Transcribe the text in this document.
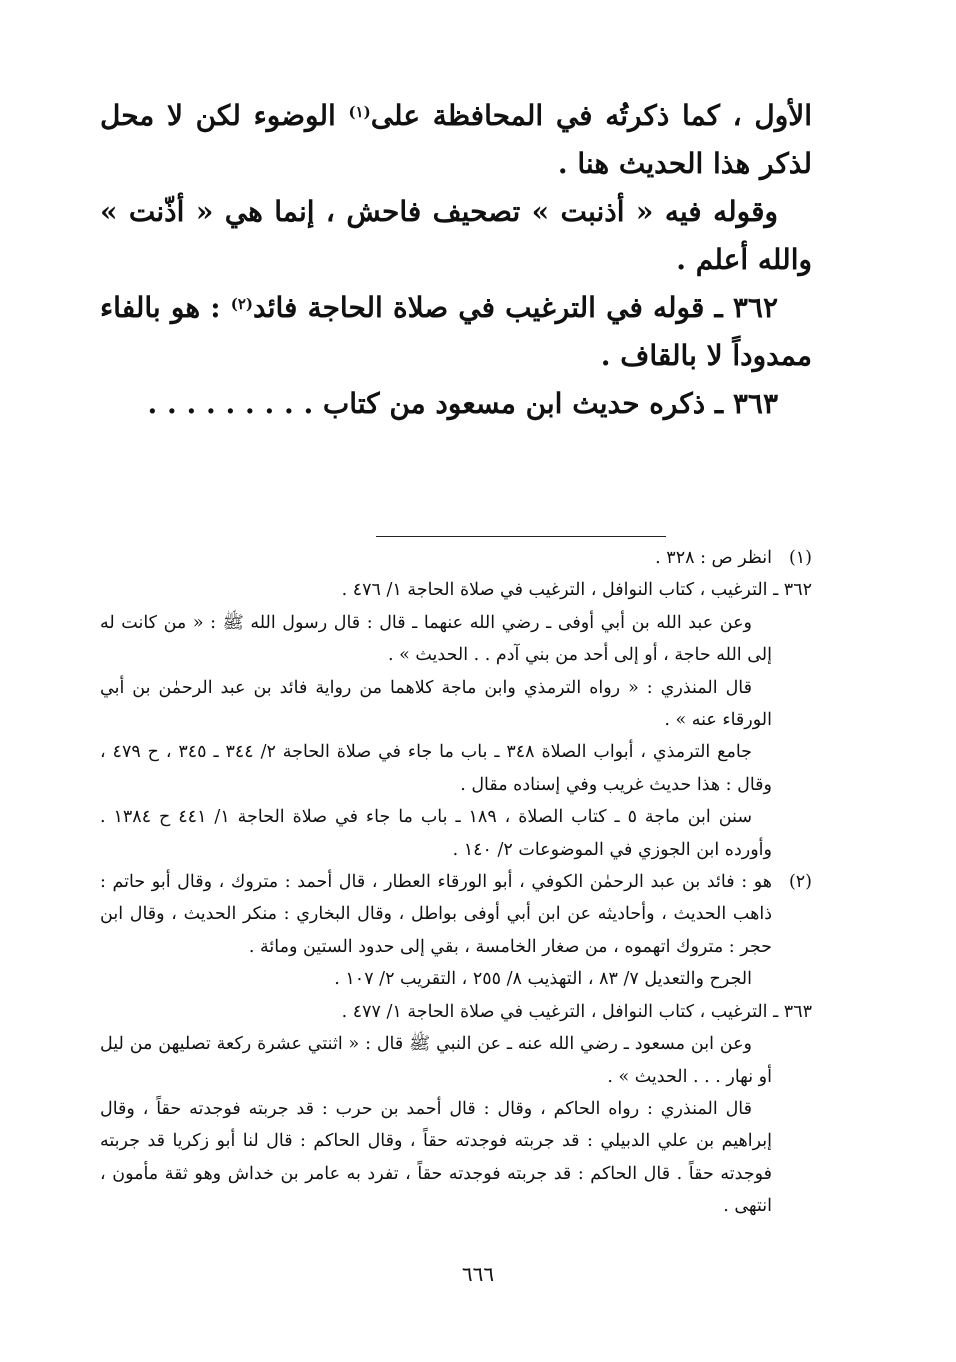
الأول ، كما ذكرتُه في المحافظة على$^{(١)}$ الوضوء لكن لا محل لذكر هذا الحديث هنا .

وقوله فيه « أذنبت » تصحيف فاحش ، إنما هي « أذّنت » والله أعلم .

٣٦٢ ـ قوله في الترغيب في صلاة الحاجة فائد$^{(٢)}$ : هو بالفاء ممدوداً لا بالقاف .

٣٦٣ ـ ذكره حديث ابن مسعود من كتاب . . . . . . . . .

(١)
انظر ص : ٣٢٨ .

٣٦٢ ـ الترغيب ، كتاب النوافل ، الترغيب في صلاة الحاجة ١/ ٤٧٦ .

وعن عبد الله بن أبي أوفى ـ رضي الله عنهما ـ قال : قال رسول الله ﷺ : « من كانت له إلى الله حاجة ، أو إلى أحد من بني آدم . . الحديث » .

قال المنذري : « رواه الترمذي وابن ماجة كلاهما من رواية فائد بن عبد الرحمٰن بن أبي الورقاء عنه » .

جامع الترمذي ، أبواب الصلاة ٣٤٨ ـ باب ما جاء في صلاة الحاجة ٢/ ٣٤٤ ـ ٣٤٥ ، ح ٤٧٩ ، وقال : هذا حديث غريب وفي إسناده مقال .

سنن ابن ماجة ٥ ـ كتاب الصلاة ، ١٨٩ ـ باب ما جاء في صلاة الحاجة ١/ ٤٤١ ح ١٣٨٤ . وأورده ابن الجوزي في الموضوعات ٢/ ١٤٠ .

(٢)
هو : فائد بن عبد الرحمٰن الكوفي ، أبو الورقاء العطار ، قال أحمد : متروك ، وقال أبو حاتم : ذاهب الحديث ، وأحاديثه عن ابن أبي أوفى بواطل ، وقال البخاري : منكر الحديث ، وقال ابن حجر : متروك اتهموه ، من صغار الخامسة ، بقي إلى حدود الستين ومائة .

الجرح والتعديل ٧/ ٨٣ ، التهذيب ٨/ ٢٥٥ ، التقريب ٢/ ١٠٧ .

٣٦٣ ـ الترغيب ، كتاب النوافل ، الترغيب في صلاة الحاجة ١/ ٤٧٧ .

وعن ابن مسعود ـ رضي الله عنه ـ عن النبي ﷺ قال : « اثنتي عشرة ركعة تصليهن من ليل أو نهار . . . الحديث » .

قال المنذري : رواه الحاكم ، وقال : قال أحمد بن حرب : قد جربته فوجدته حقاً ، وقال إبراهيم بن علي الدبيلي : قد جربته فوجدته حقاً ، وقال الحاكم : قال لنا أبو زكريا قد جربته فوجدته حقاً . قال الحاكم : قد جربته فوجدته حقاً ، تفرد به عامر بن خداش وهو ثقة مأمون ، انتهى .

٦٦٦
